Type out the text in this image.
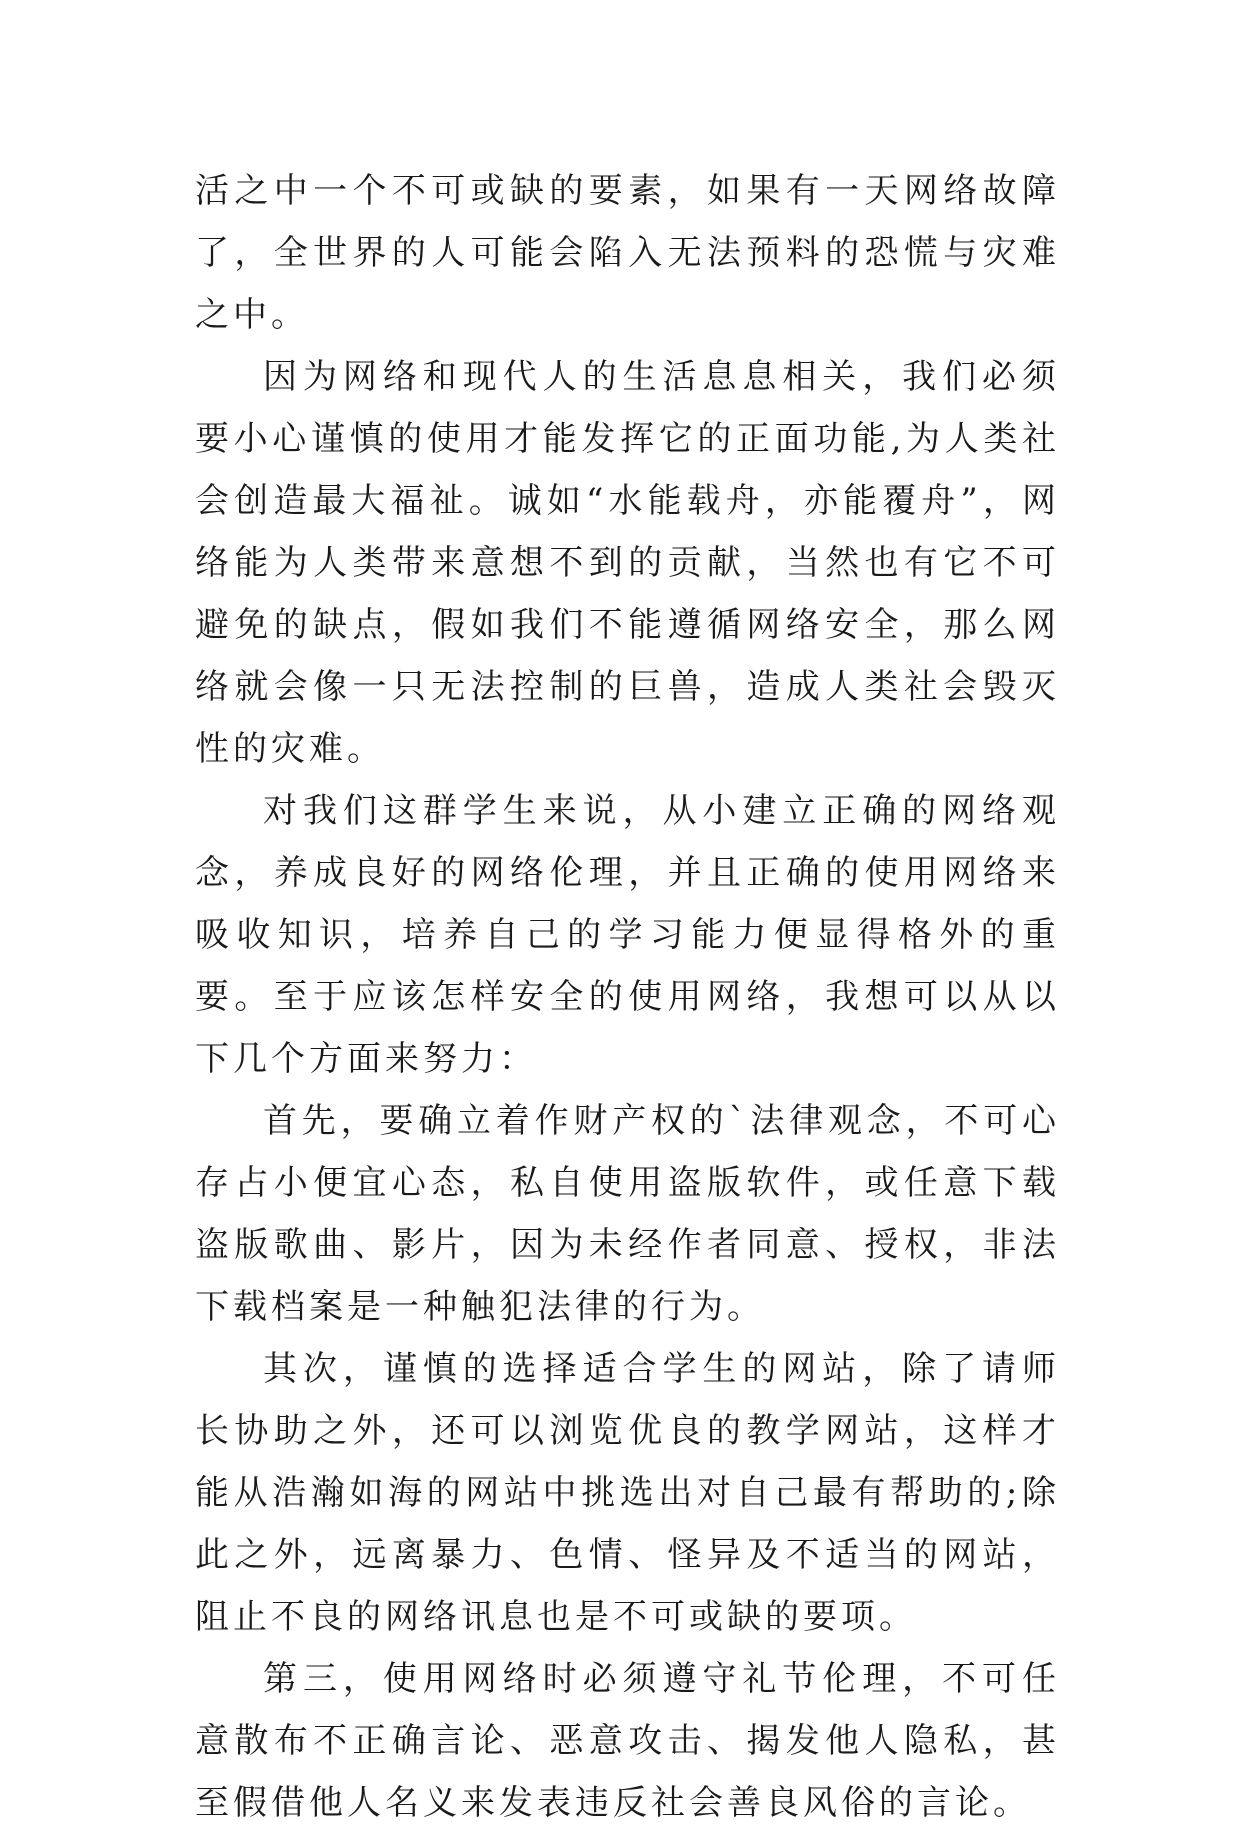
活之中一个不可或缺的要素，如果有一天网络故障了，全世界的人可能会陷入无法预料的恐慌与灾难之中。

因为网络和现代人的生活息息相关，我们必须要小心谨慎的使用才能发挥它的正面功能,为人类社会创造最大福祉。诚如“水能载舟，亦能覆舟”，网络能为人类带来意想不到的贡献，当然也有它不可避免的缺点，假如我们不能遵循网络安全，那么网络就会像一只无法控制的巨兽，造成人类社会毁灭性的灾难。

对我们这群学生来说，从小建立正确的网络观念，养成良好的网络伦理，并且正确的使用网络来吸收知识，培养自己的学习能力便显得格外的重要。至于应该怎样安全的使用网络，我想可以从以下几个方面来努力：

首先，要确立着作财产权的`法律观念，不可心存占小便宜心态，私自使用盗版软件，或任意下载盗版歌曲、影片，因为未经作者同意、授权，非法下载档案是一种触犯法律的行为。

其次，谨慎的选择适合学生的网站，除了请师长协助之外，还可以浏览优良的教学网站，这样才能从浩瀚如海的网站中挑选出对自己最有帮助的;除此之外，远离暴力、色情、怪异及不适当的网站，阻止不良的网络讯息也是不可或缺的要项。

第三，使用网络时必须遵守礼节伦理，不可任意散布不正确言论、恶意攻击、揭发他人隐私，甚至假借他人名义来发表违反社会善良风俗的言论。
